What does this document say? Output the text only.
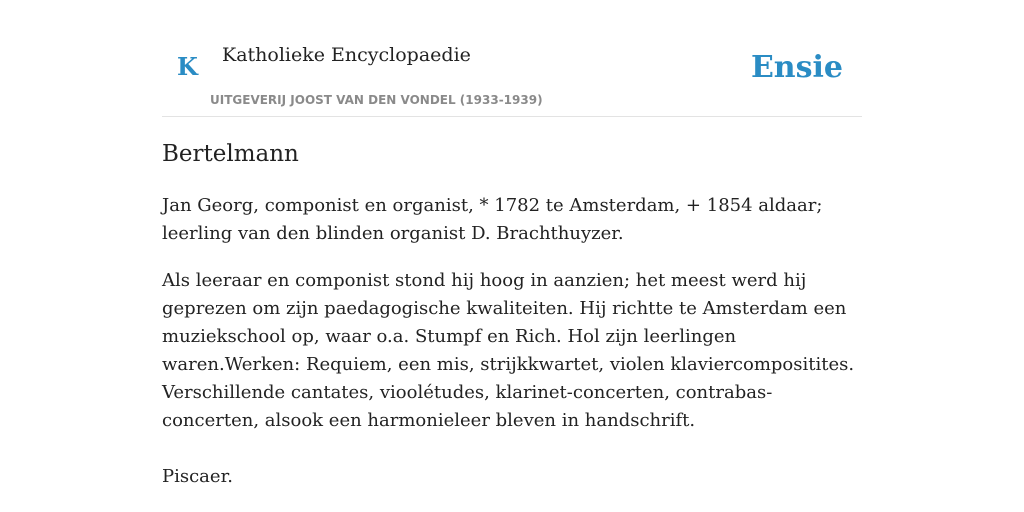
K Katholieke Encyclopaedie
UITGEVERIJ JOOST VAN DEN VONDEL (1933-1939)
Ensie
Bertelmann

Jan Georg, componist en organist, * 1782 te Amsterdam, + 1854 aldaar; leerling van den blinden organist D. Brachthuyzer.

Als leeraar en componist stond hij hoog in aanzien; het meest werd hij geprezen om zijn paedagogische kwaliteiten. Hij richtte te Amsterdam een muziekschool op, waar o.a. Stumpf en Rich. Hol zijn leerlingen waren.Werken: Requiem, een mis, strijkkwartet, violen klaviercompositites. Verschillende cantates, vioolétudes, klarinet-concerten, contrabas-concerten, alsook een harmonieleer bleven in handschrift.

Piscaer.
